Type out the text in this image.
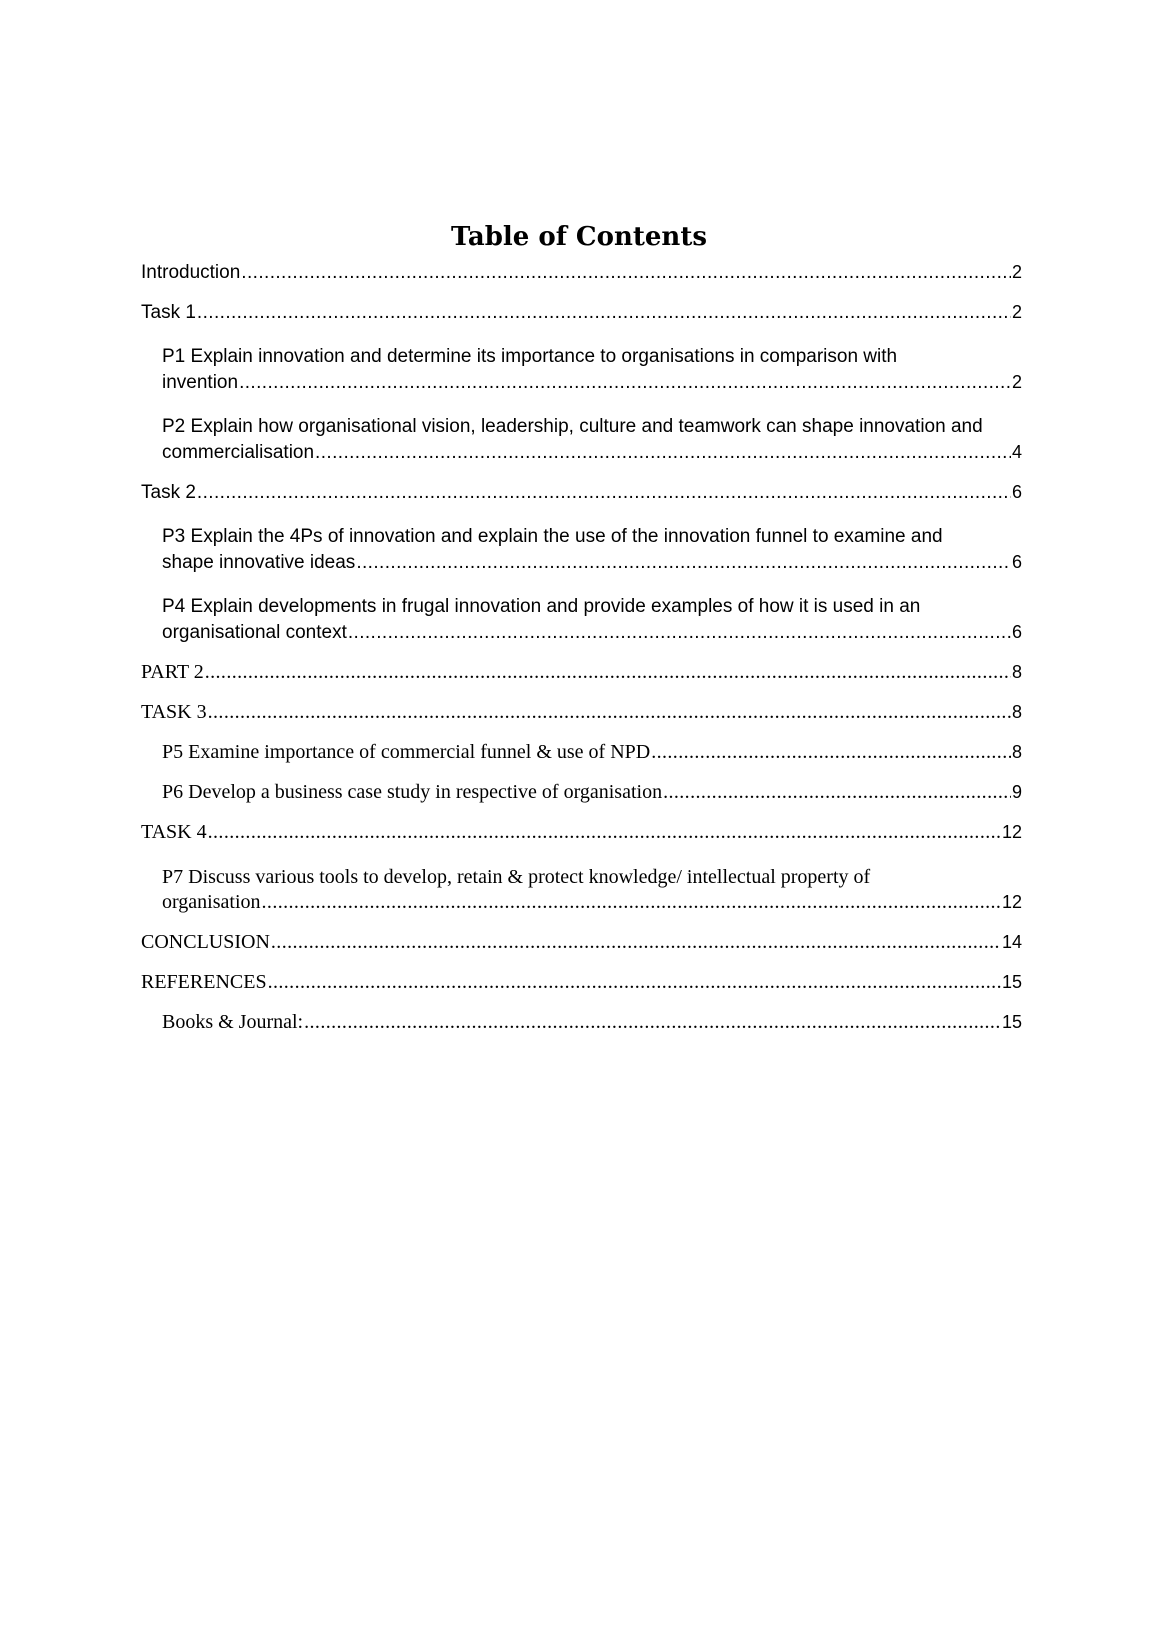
Table of Contents
Introduction .....	2
Task 1 .....	2
P1 Explain innovation and determine its importance to organisations in comparison with
invention .....	2
P2 Explain how organisational vision, leadership, culture and teamwork can shape innovation and
commercialisation .....	4
Task 2 .....	6
P3 Explain the 4Ps of innovation and explain the use of the innovation funnel to examine and
shape innovative ideas .....	6
P4 Explain developments in frugal innovation and provide examples of how it is used in an
organisational context .....	6
PART 2 .....	8
TASK 3 .....	8
P5 Examine importance of commercial funnel & use of NPD .....	8
P6 Develop a business case study in respective of organisation .....	9
TASK 4 .....	12
P7 Discuss various tools to develop, retain & protect knowledge/ intellectual property of
organisation .....	12
CONCLUSION .....	14
REFERENCES .....	15
Books & Journal: .....	15
